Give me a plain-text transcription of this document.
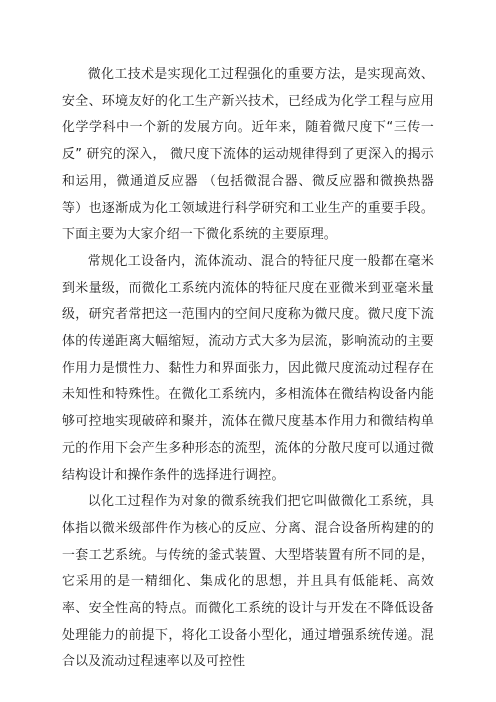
微化工技术是实现化工过程强化的重要方法，是实现高效、安全、环境友好的化工生产新兴技术，已经成为化学工程与应用化学学科中一个新的发展方向。近年来，随着微尺度下“三传一反” 研究的深入， 微尺度下流体的运动规律得到了更深入的揭示和运用，微通道反应器 （包括微混合器、微反应器和微换热器等）也逐渐成为化工领域进行科学研究和工业生产的重要手段。下面主要为大家介绍一下微化系统的主要原理。

常规化工设备内，流体流动、混合的特征尺度一般都在毫米到米量级，而微化工系统内流体的特征尺度在亚微米到亚毫米量级，研究者常把这一范围内的空间尺度称为微尺度。微尺度下流体的传递距离大幅缩短，流动方式大多为层流，影响流动的主要作用力是惯性力、黏性力和界面张力，因此微尺度流动过程存在未知性和特殊性。在微化工系统内，多相流体在微结构设备内能够可控地实现破碎和聚并，流体在微尺度基本作用力和微结构单元的作用下会产生多种形态的流型，流体的分散尺度可以通过微结构设计和操作条件的选择进行调控。

以化工过程作为对象的微系统我们把它叫做微化工系统，具体指以微米级部件作为核心的反应、分离、混合设备所构建的的一套工艺系统。与传统的釜式装置、大型塔装置有所不同的是，它采用的是一精细化、集成化的思想，并且具有低能耗、高效率、安全性高的特点。而微化工系统的设计与开发在不降低设备处理能力的前提下，将化工设备小型化，通过增强系统传递。混合以及流动过程速率以及可控性
